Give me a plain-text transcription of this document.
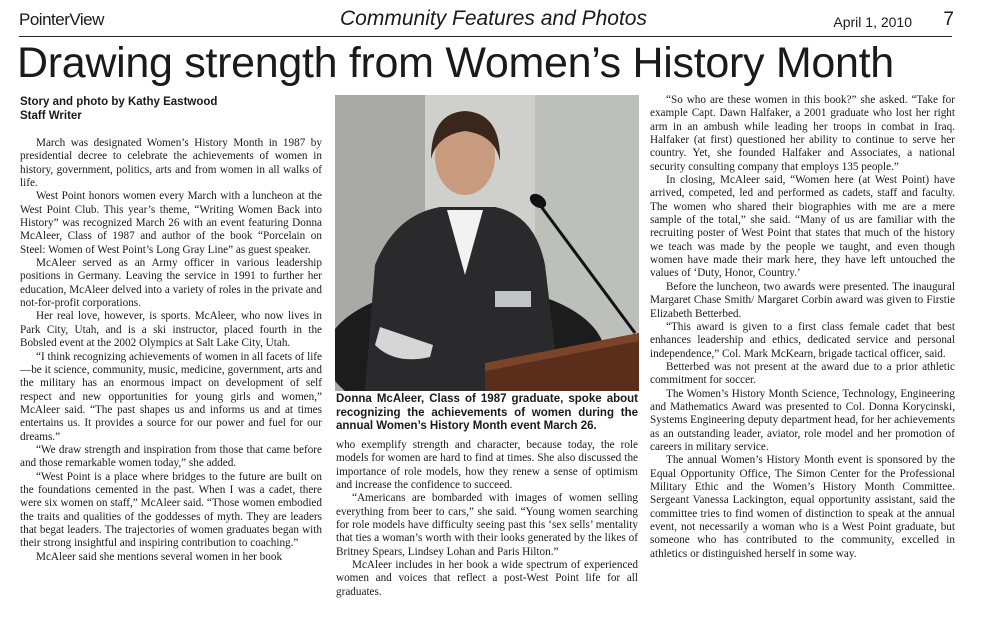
PointerView	Community Features and Photos	April 1, 2010 7
Drawing strength from Women’s History Month
Story and photo by Kathy Eastwood
Staff Writer

March was designated Women’s History Month in 1987 by presidential decree to celebrate the achievements of women in history, government, politics, arts and from women in all walks of life.

West Point honors women every March with a luncheon at the West Point Club. This year’s theme, “Writing Women Back into History” was recognized March 26 with an event featuring Donna McAleer, Class of 1987 and author of the book “Porcelain on Steel: Women of West Point’s Long Gray Line” as guest speaker.

McAleer served as an Army officer in various leadership positions in Germany. Leaving the service in 1991 to further her education, McAleer delved into a variety of roles in the private and not-for-profit corporations.

Her real love, however, is sports. McAleer, who now lives in Park City, Utah, and is a ski instructor, placed fourth in the Bobsled event at the 2002 Olympics at Salt Lake City, Utah.

“I think recognizing achievements of women in all facets of life—be it science, community, music, medicine, government, arts and the military has an enormous impact on development of self respect and new opportunities for young girls and women,” McAleer said. “The past shapes us and informs us and at times entertains us. It provides a source for our power and fuel for our dreams.”

“We draw strength and inspiration from those that came before and those remarkable women today,” she added.

“West Point is a place where bridges to the future are built on the foundations cemented in the past. When I was a cadet, there were six women on staff,” McAleer said. “Those women embodied the traits and qualities of the goddesses of myth. They are leaders that begat leaders. The trajectories of women graduates began with their strong insightful and inspiring contribution to coaching.”

McAleer said she mentions several women in her book

Donna McAleer, Class of 1987 graduate, spoke about recognizing the achievements of women during the annual Women’s History Month event March 26.

who exemplify strength and character, because today, the role models for women are hard to find at times. She also discussed the importance of role models, how they renew a sense of optimism and increase the confidence to succeed.

“Americans are bombarded with images of women selling everything from beer to cars,” she said. “Young women searching for role models have difficulty seeing past this ‘sex sells’ mentality that ties a woman’s worth with their looks generated by the likes of Britney Spears, Lindsey Lohan and Paris Hilton.”

McAleer includes in her book a wide spectrum of experienced women and voices that reflect a post-West Point life for all graduates.

“So who are these women in this book?” she asked. “Take for example Capt. Dawn Halfaker, a 2001 graduate who lost her right arm in an ambush while leading her troops in combat in Iraq. Halfaker (at first) questioned her ability to continue to serve her country. Yet, she founded Halfaker and Associates, a national security consulting company that employs 135 people.”

In closing, McAleer said, “Women here (at West Point) have arrived, competed, led and performed as cadets, staff and faculty. The women who shared their biographies with me are a mere sample of the total,” she said. “Many of us are familiar with the recruiting poster of West Point that states that much of the history we teach was made by the people we taught, and even though women have made their mark here, they have left untouched the values of ‘Duty, Honor, Country.’

Before the luncheon, two awards were presented. The inaugural Margaret Chase Smith/ Margaret Corbin award was given to Firstie Elizabeth Betterbed.

“This award is given to a first class female cadet that best enhances leadership and ethics, dedicated service and personal independence,” Col. Mark McKearn, brigade tactical officer, said.

Betterbed was not present at the award due to a prior athletic commitment for soccer.

The Women’s History Month Science, Technology, Engineering and Mathematics Award was presented to Col. Donna Korycinski, Systems Engineering deputy department head, for her achievements as an outstanding leader, aviator, role model and her promotion of careers in military service.

The annual Women’s History Month event is sponsored by the Equal Opportunity Office, The Simon Center for the Professional Military Ethic and the Women’s History Month Committee. Sergeant Vanessa Lackington, equal opportunity assistant, said the committee tries to find women of distinction to speak at the annual event, not necessarily a woman who is a West Point graduate, but someone who has contributed to the community, excelled in athletics or distinguished herself in some way.
